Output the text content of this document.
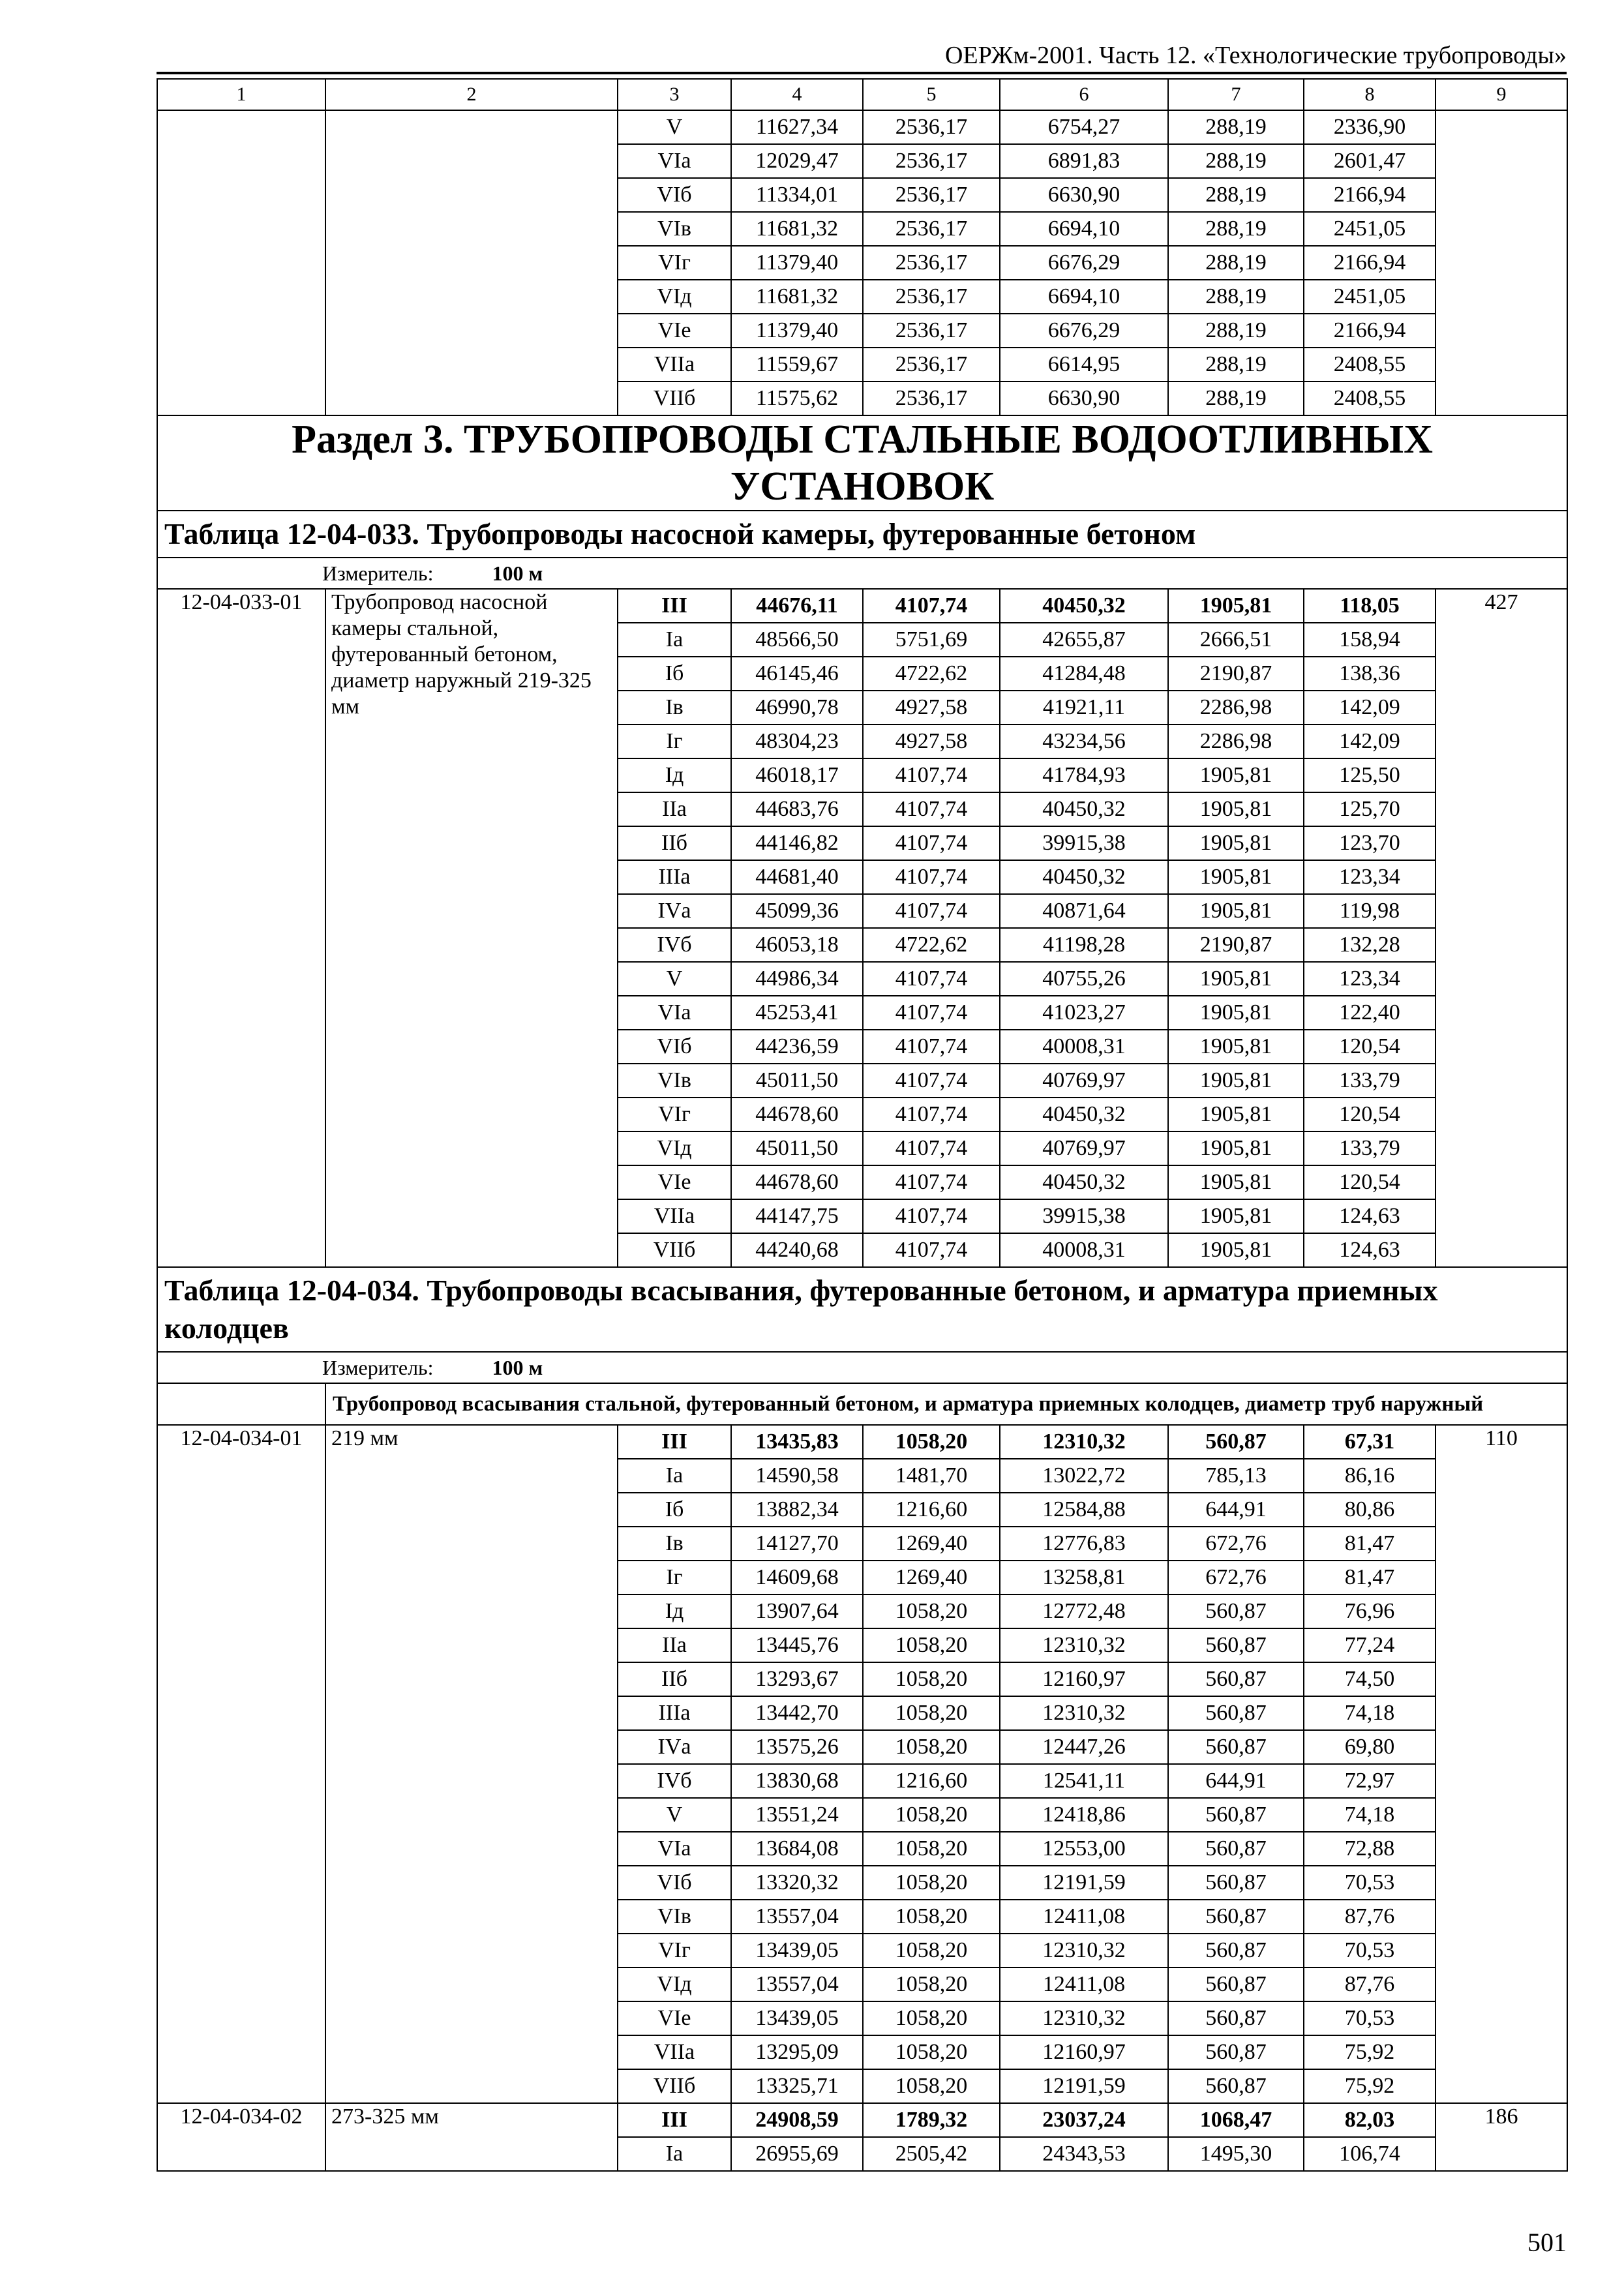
ОЕРЖм-2001. Часть 12. «Технологические трубопроводы»
1	2	3	4	5	6	7	8	9
		V	11627,34	2536,17	6754,27	288,19	2336,90	
		VIа	12029,47	2536,17	6891,83	288,19	2601,47	
		VIб	11334,01	2536,17	6630,90	288,19	2166,94	
		VIв	11681,32	2536,17	6694,10	288,19	2451,05	
		VIг	11379,40	2536,17	6676,29	288,19	2166,94	
		VIд	11681,32	2536,17	6694,10	288,19	2451,05	
		VIе	11379,40	2536,17	6676,29	288,19	2166,94	
		VIIа	11559,67	2536,17	6614,95	288,19	2408,55	
		VIIб	11575,62	2536,17	6630,90	288,19	2408,55	
Раздел 3. ТРУБОПРОВОДЫ СТАЛЬНЫЕ ВОДООТЛИВНЫХ УСТАНОВОК								
Таблица 12-04-033. Трубопроводы насосной камеры, футерованные бетоном								
Измеритель: 100 м								
12-04-033-01	Трубопровод насосной камеры стальной, футерованный бетоном, диаметр наружный 219-325 мм	III	44676,11	4107,74	40450,32	1905,81	118,05	427
		Iа	48566,50	5751,69	42655,87	2666,51	158,94	
		Iб	46145,46	4722,62	41284,48	2190,87	138,36	
		Iв	46990,78	4927,58	41921,11	2286,98	142,09	
		Iг	48304,23	4927,58	43234,56	2286,98	142,09	
		Iд	46018,17	4107,74	41784,93	1905,81	125,50	
		IIа	44683,76	4107,74	40450,32	1905,81	125,70	
		IIб	44146,82	4107,74	39915,38	1905,81	123,70	
		IIIа	44681,40	4107,74	40450,32	1905,81	123,34	
		IVа	45099,36	4107,74	40871,64	1905,81	119,98	
		IVб	46053,18	4722,62	41198,28	2190,87	132,28	
		V	44986,34	4107,74	40755,26	1905,81	123,34	
		VIа	45253,41	4107,74	41023,27	1905,81	122,40	
		VIб	44236,59	4107,74	40008,31	1905,81	120,54	
		VIв	45011,50	4107,74	40769,97	1905,81	133,79	
		VIг	44678,60	4107,74	40450,32	1905,81	120,54	
		VIд	45011,50	4107,74	40769,97	1905,81	133,79	
		VIе	44678,60	4107,74	40450,32	1905,81	120,54	
		VIIа	44147,75	4107,74	39915,38	1905,81	124,63	
		VIIб	44240,68	4107,74	40008,31	1905,81	124,63	
Таблица 12-04-034. Трубопроводы всасывания, футерованные бетоном, и арматура приемных колодцев								
Измеритель: 100 м								
	Трубопровод всасывания стальной, футерованный бетоном, и арматура приемных колодцев, диаметр труб наружный							
12-04-034-01	219 мм	III	13435,83	1058,20	12310,32	560,87	67,31	110
		Iа	14590,58	1481,70	13022,72	785,13	86,16	
		Iб	13882,34	1216,60	12584,88	644,91	80,86	
		Iв	14127,70	1269,40	12776,83	672,76	81,47	
		Iг	14609,68	1269,40	13258,81	672,76	81,47	
		Iд	13907,64	1058,20	12772,48	560,87	76,96	
		IIа	13445,76	1058,20	12310,32	560,87	77,24	
		IIб	13293,67	1058,20	12160,97	560,87	74,50	
		IIIа	13442,70	1058,20	12310,32	560,87	74,18	
		IVа	13575,26	1058,20	12447,26	560,87	69,80	
		IVб	13830,68	1216,60	12541,11	644,91	72,97	
		V	13551,24	1058,20	12418,86	560,87	74,18	
		VIа	13684,08	1058,20	12553,00	560,87	72,88	
		VIб	13320,32	1058,20	12191,59	560,87	70,53	
		VIв	13557,04	1058,20	12411,08	560,87	87,76	
		VIг	13439,05	1058,20	12310,32	560,87	70,53	
		VIд	13557,04	1058,20	12411,08	560,87	87,76	
		VIе	13439,05	1058,20	12310,32	560,87	70,53	
		VIIа	13295,09	1058,20	12160,97	560,87	75,92	
		VIIб	13325,71	1058,20	12191,59	560,87	75,92	
12-04-034-02	273-325 мм	III	24908,59	1789,32	23037,24	1068,47	82,03	186
		Iа	26955,69	2505,42	24343,53	1495,30	106,74	
501
